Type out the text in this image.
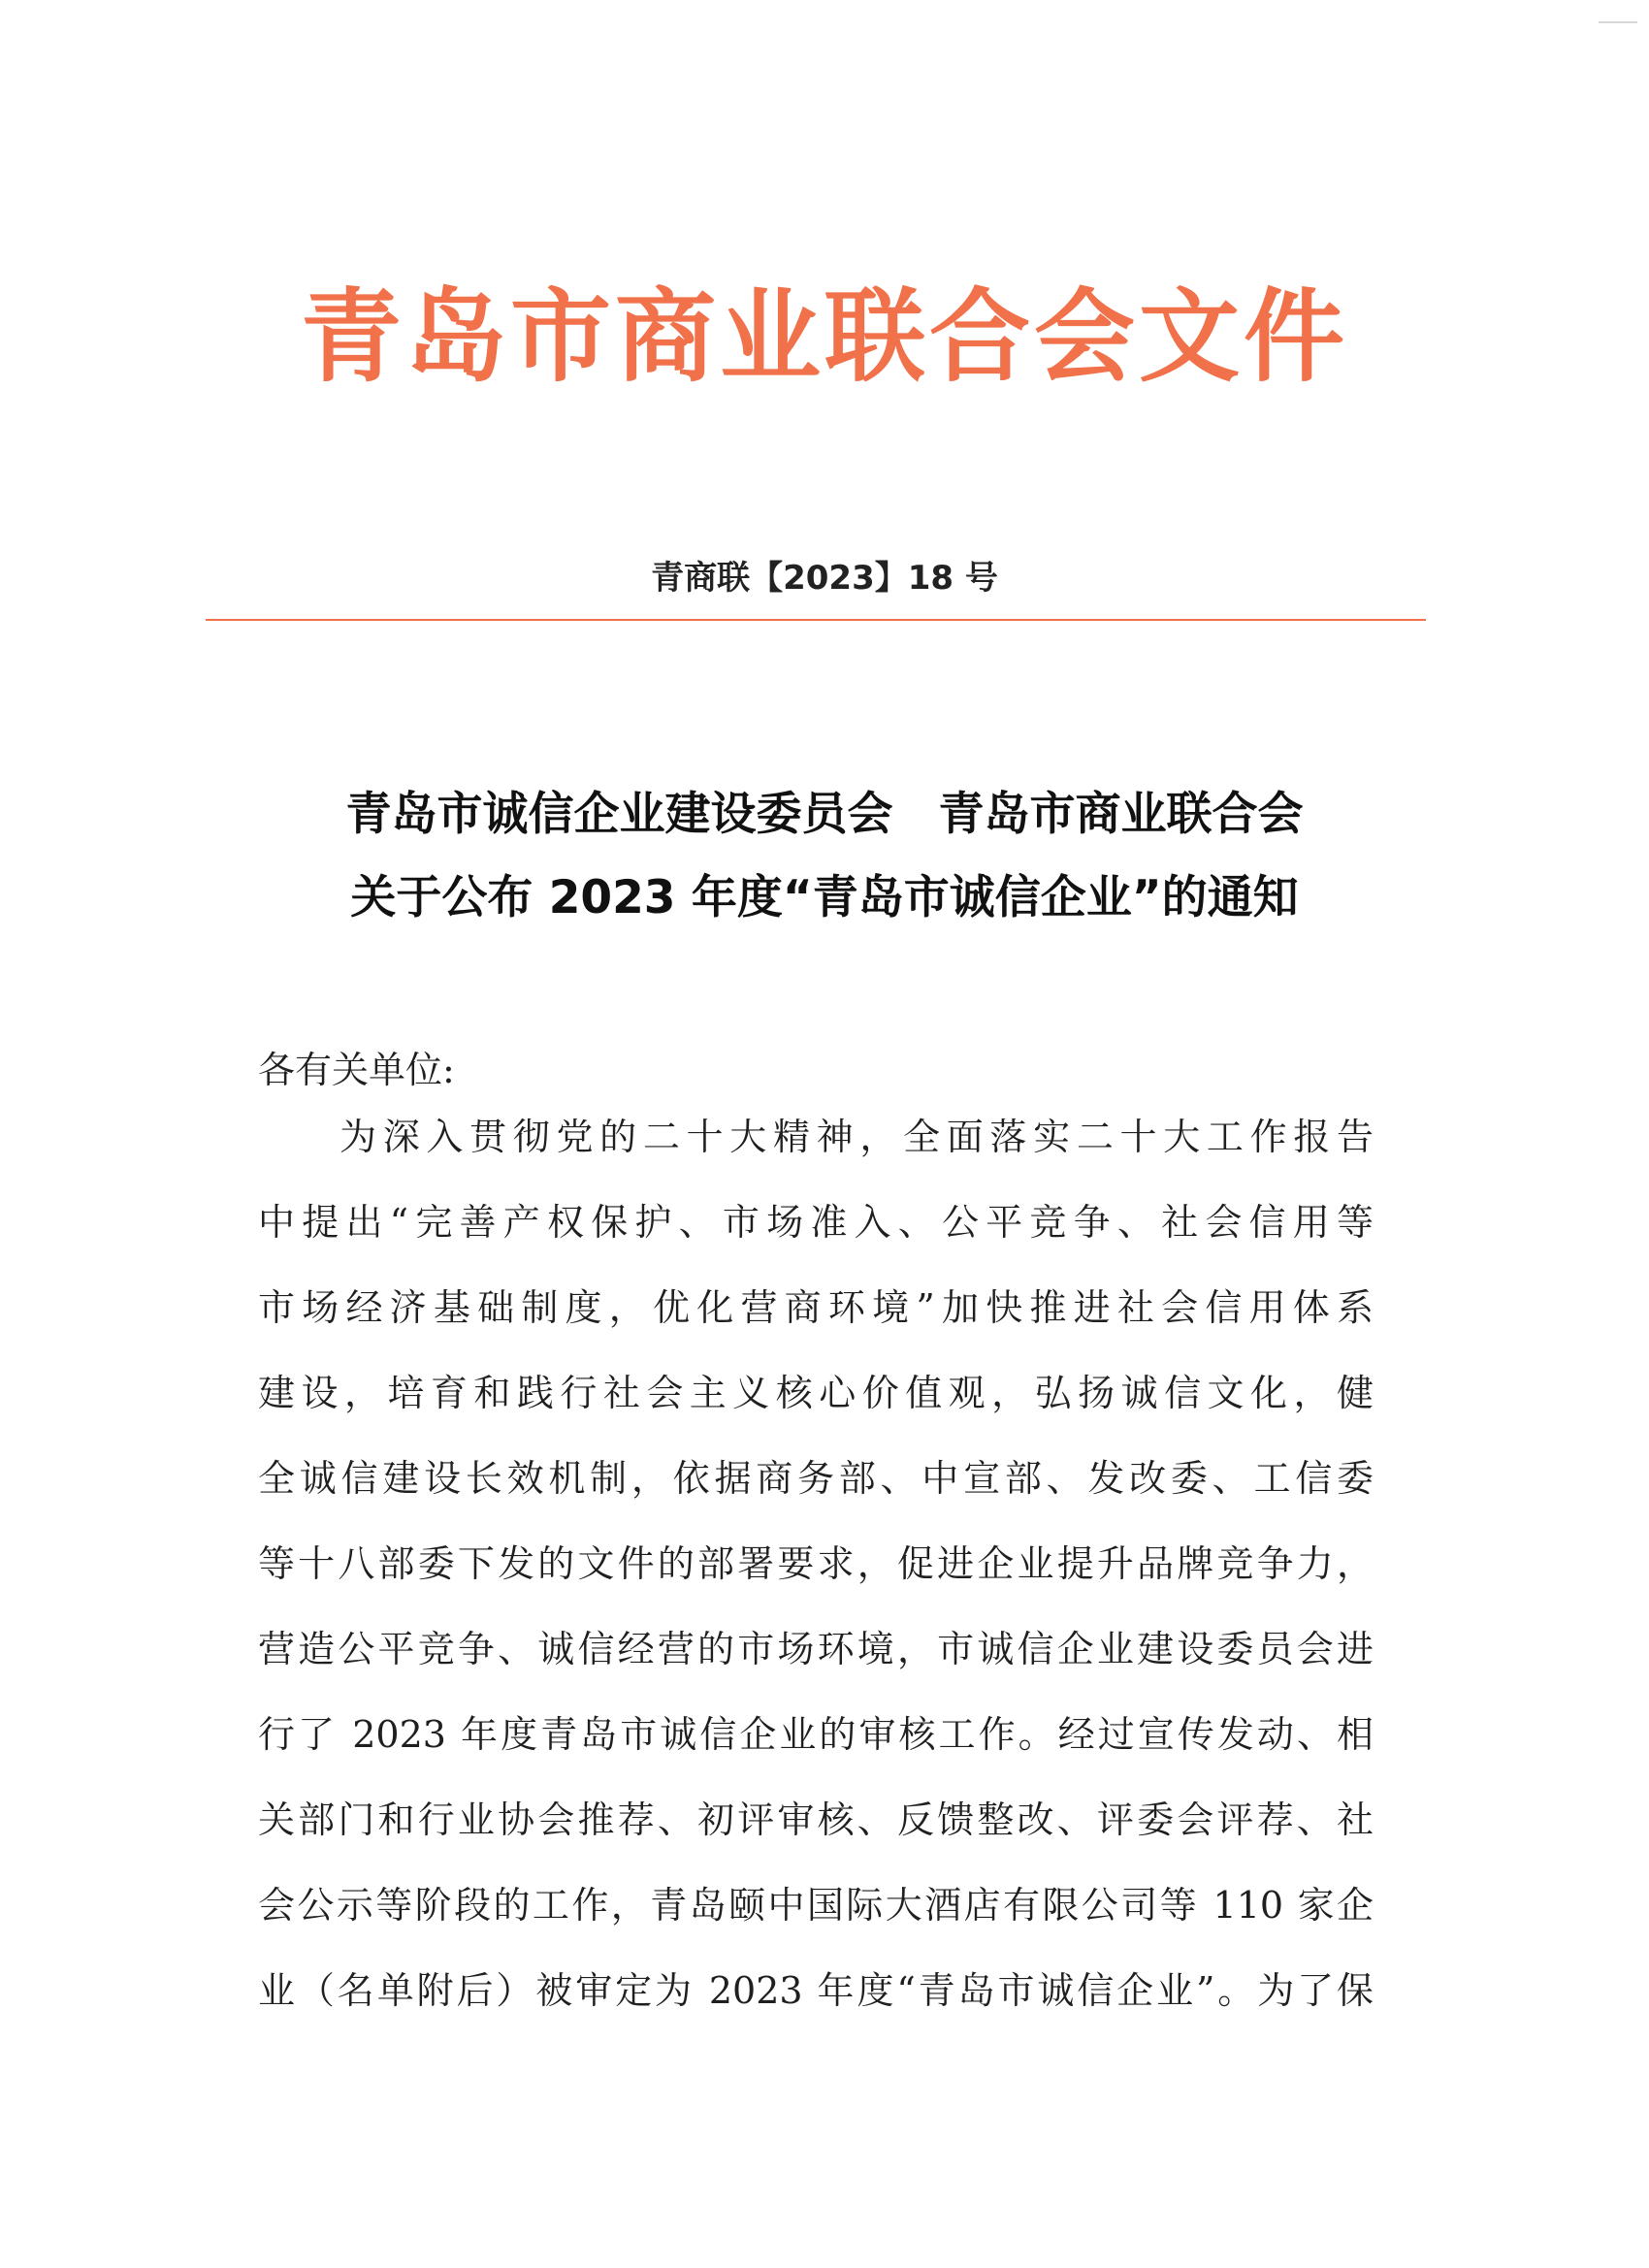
青岛市商业联合会文件
青商联【2023】18 号
青岛市诚信企业建设委员会　青岛市商业联合会
关于公布 2023 年度“青岛市诚信企业”的通知
各有关单位:
为深入贯彻党的二十大精神，全面落实二十大工作报告
中提出“完善产权保护、市场准入、公平竞争、社会信用等
市场经济基础制度，优化营商环境”加快推进社会信用体系
建设，培育和践行社会主义核心价值观，弘扬诚信文化，健
全诚信建设长效机制，依据商务部、中宣部、发改委、工信委
等十八部委下发的文件的部署要求，促进企业提升品牌竞争力，
营造公平竞争、诚信经营的市场环境，市诚信企业建设委员会进
行了 2023 年度青岛市诚信企业的审核工作。经过宣传发动、相
关部门和行业协会推荐、初评审核、反馈整改、评委会评荐、社
会公示等阶段的工作，青岛颐中国际大酒店有限公司等 110 家企
业（名单附后）被审定为 2023 年度“青岛市诚信企业”。为了保
